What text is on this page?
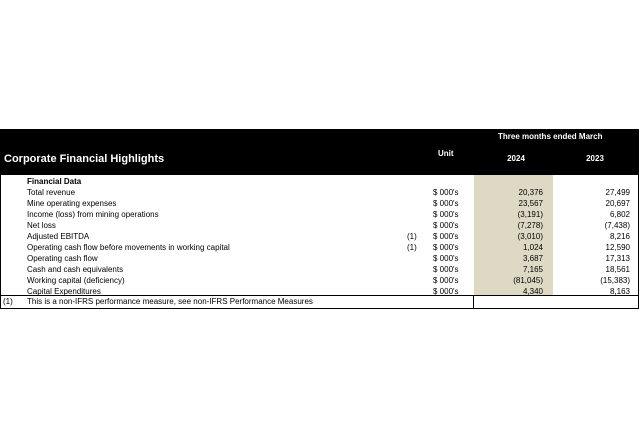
Corporate Financial Highlights	Unit
Three months ended March
2024	2023
Financial Data
Total revenue	$ 000's	20,376	27,499
Mine operating expenses	$ 000's	23,567	20,697
Income (loss) from mining operations	$ 000's	(3,191)	6,802
Net loss	$ 000's	(7,278)	(7,438)
Adjusted EBITDA	(1) $ 000's	(3,010)	8,216
Operating cash flow before movements in working capital	(1) $ 000's	1,024	12,590
Operating cash flow	$ 000's	3,687	17,313
Cash and cash equivalents	$ 000's	7,165	18,561
Working capital (deficiency)	$ 000's	(81,045)	(15,383)
Capital Expenditures	$ 000's	4,340	8,163
(1) This is a non-IFRS performance measure, see non-IFRS Performance Measures
